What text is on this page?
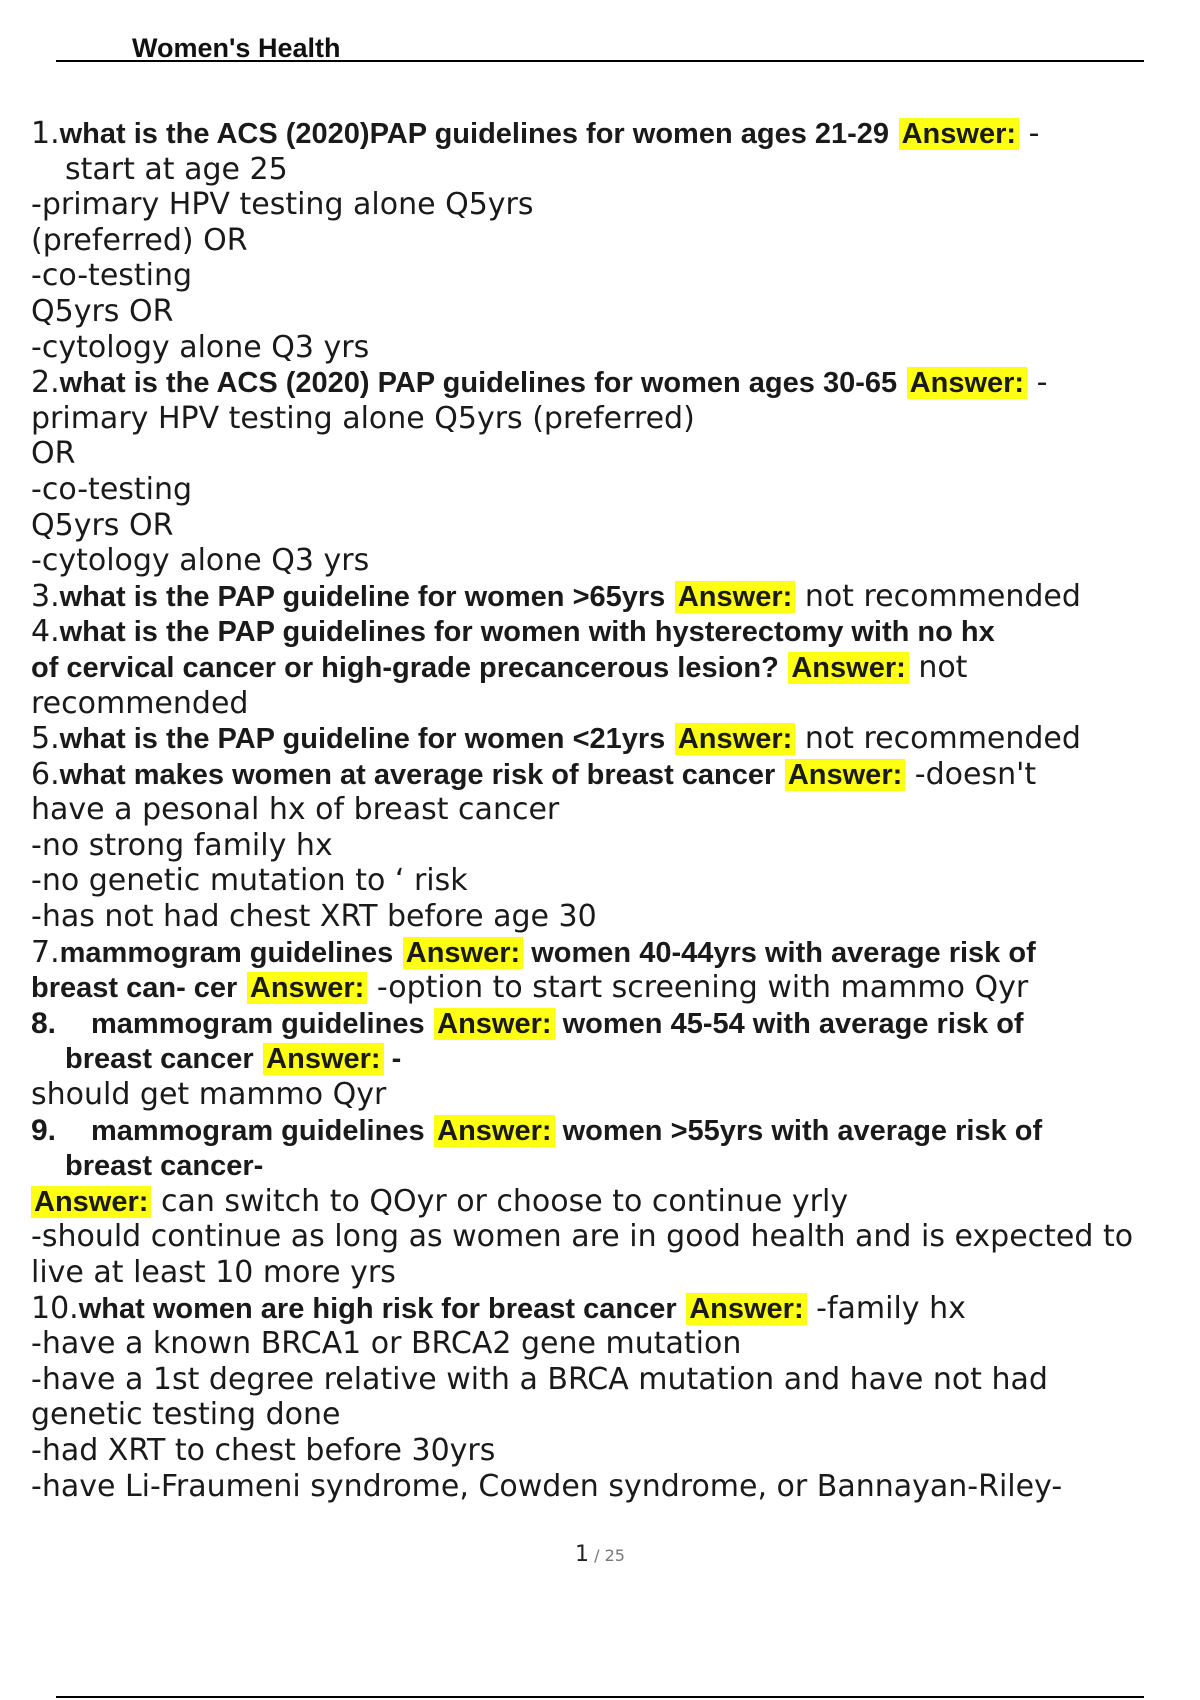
Women's Health
1.what is the ACS (2020)PAP guidelines for women ages 21-29 Answer: -
start at age 25
-primary HPV testing alone Q5yrs
(preferred) OR
-co-testing
Q5yrs OR
-cytology alone Q3 yrs
2.what is the ACS (2020) PAP guidelines for women ages 30-65 Answer: -
primary HPV testing alone Q5yrs (preferred)
OR
-co-testing
Q5yrs OR
-cytology alone Q3 yrs
3.what is the PAP guideline for women >65yrs Answer: not recommended
4.what is the PAP guidelines for women with hysterectomy with no hx
of cervical cancer or high-grade precancerous lesion? Answer: not
recommended
5.what is the PAP guideline for women <21yrs Answer: not recommended
6.what makes women at average risk of breast cancer Answer: -doesn't
have a pesonal hx of breast cancer
-no strong family hx
-no genetic mutation to ‘ risk
-has not had chest XRT before age 30
7.mammogram guidelines Answer: women 40-44yrs with average risk of
breast can- cer Answer: -option to start screening with mammo Qyr
8. mammogram guidelines Answer: women 45-54 with average risk of
breast cancer Answer: -
should get mammo Qyr
9. mammogram guidelines Answer: women >55yrs with average risk of
breast cancer-
Answer: can switch to QOyr or choose to continue yrly
-should continue as long as women are in good health and is expected to
live at least 10 more yrs
10.what women are high risk for breast cancer Answer: -family hx
-have a known BRCA1 or BRCA2 gene mutation
-have a 1st degree relative with a BRCA mutation and have not had
genetic testing done
-had XRT to chest before 30yrs
-have Li-Fraumeni syndrome, Cowden syndrome, or Bannayan-Riley-
1 / 25
